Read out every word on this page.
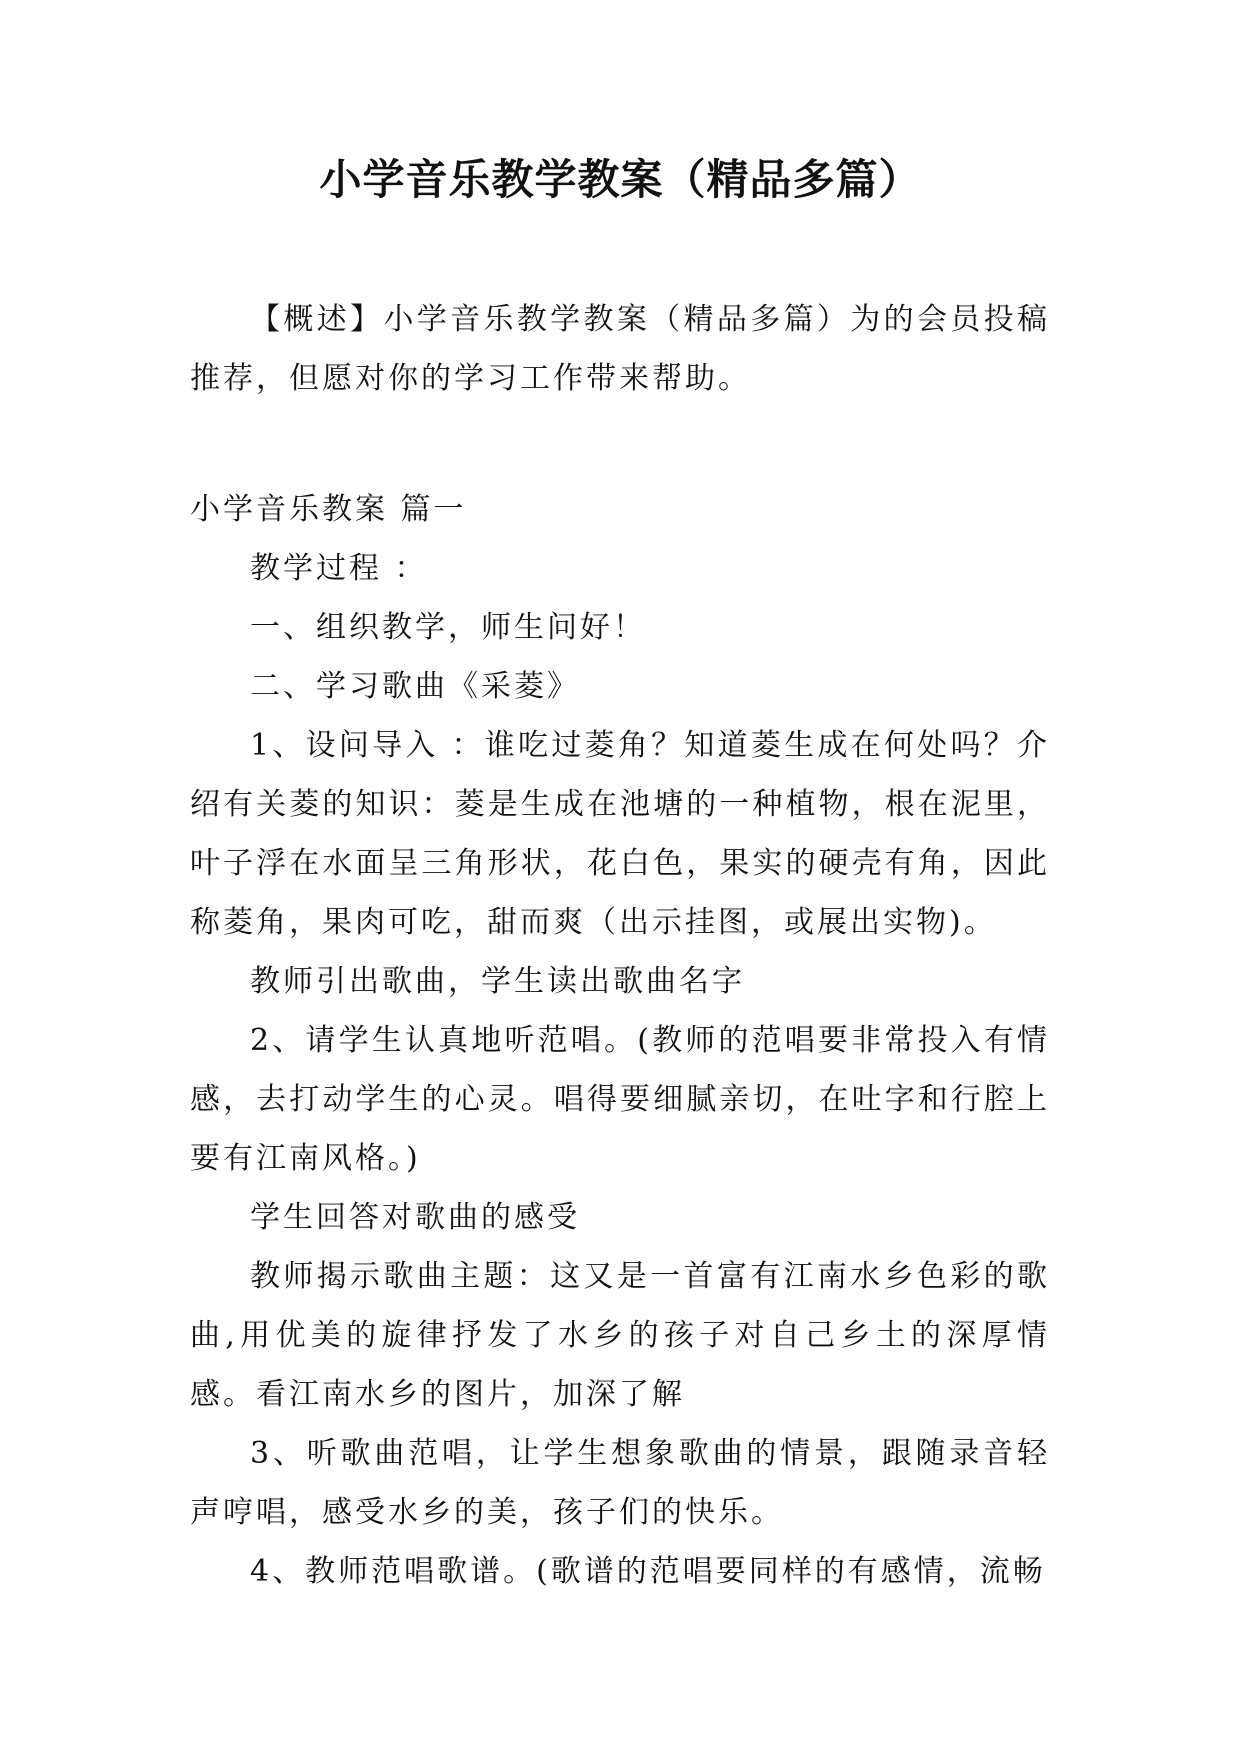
小学音乐教学教案（精品多篇）

【概述】小学音乐教学教案（精品多篇）为的会员投稿推荐，但愿对你的学习工作带来帮助。

小学音乐教案 篇一

教学过程 ：

一、组织教学，师生问好！

二、学习歌曲《采菱》

1、设问导入 ：谁吃过菱角？知道菱生成在何处吗？介绍有关菱的知识：菱是生成在池塘的一种植物，根在泥里，叶子浮在水面呈三角形状，花白色，果实的硬壳有角，因此称菱角，果肉可吃，甜而爽（出示挂图，或展出实物)。

教师引出歌曲，学生读出歌曲名字

2、请学生认真地听范唱。(教师的范唱要非常投入有情感，去打动学生的心灵。唱得要细腻亲切，在吐字和行腔上要有江南风格。)

学生回答对歌曲的感受

教师揭示歌曲主题：这又是一首富有江南水乡色彩的歌曲,用优美的旋律抒发了水乡的孩子对自己乡土的深厚情感。看江南水乡的图片，加深了解

3、听歌曲范唱，让学生想象歌曲的情景，跟随录音轻声哼唱，感受水乡的美，孩子们的快乐。

4、教师范唱歌谱。(歌谱的范唱要同样的有感情，流畅
